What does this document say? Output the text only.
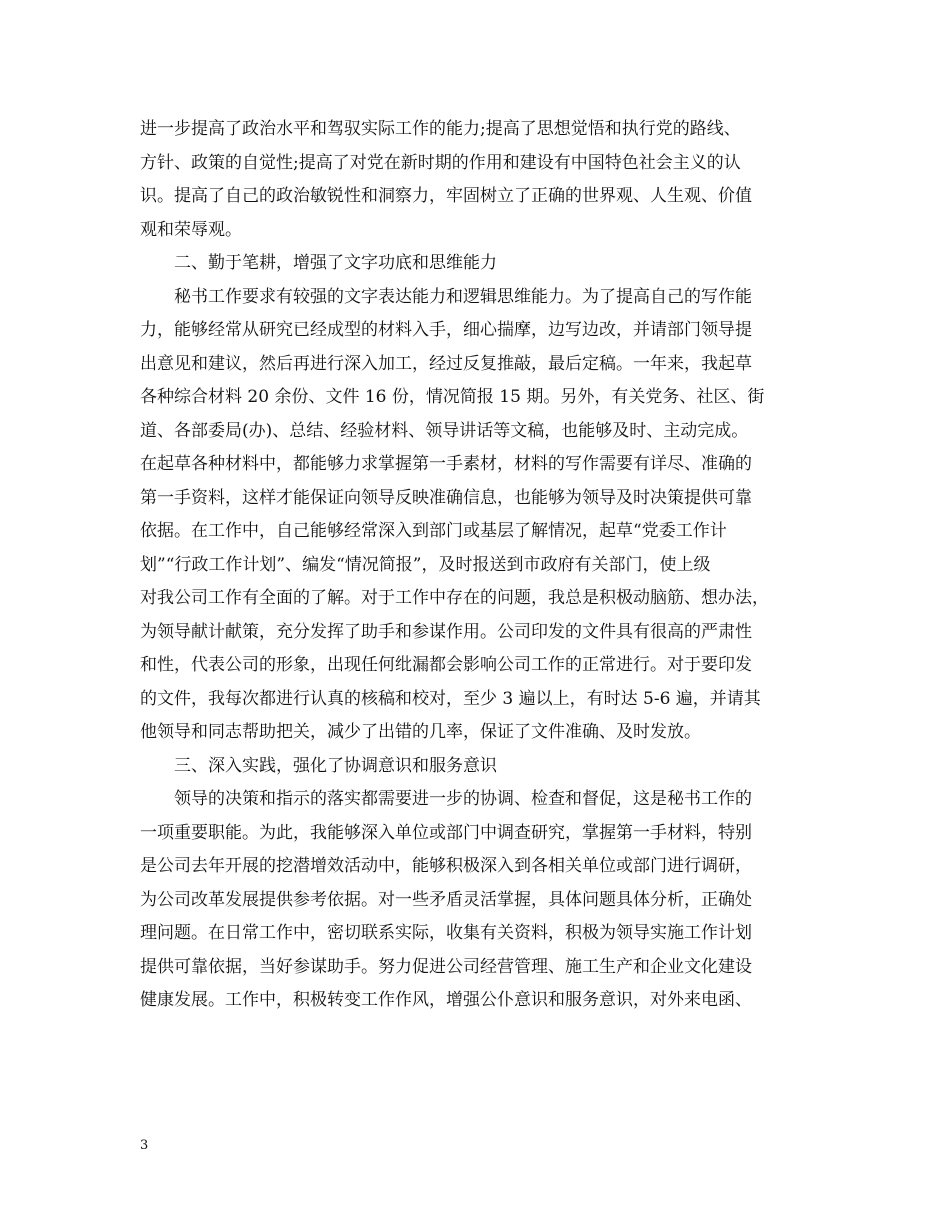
进一步提高了政治水平和驾驭实际工作的能力;提高了思想觉悟和执行党的路线、
方针、政策的自觉性;提高了对党在新时期的作用和建设有中国特色社会主义的认
识。提高了自己的政治敏锐性和洞察力，牢固树立了正确的世界观、人生观、价值
观和荣辱观。
二、勤于笔耕，增强了文字功底和思维能力
秘书工作要求有较强的文字表达能力和逻辑思维能力。为了提高自己的写作能
力，能够经常从研究已经成型的材料入手，细心揣摩，边写边改，并请部门领导提
出意见和建议，然后再进行深入加工，经过反复推敲，最后定稿。一年来，我起草
各种综合材料 20 余份、文件 16 份，情况简报 15 期。另外，有关党务、社区、街
道、各部委局(办)、总结、经验材料、领导讲话等文稿，也能够及时、主动完成。
在起草各种材料中，都能够力求掌握第一手素材，材料的写作需要有详尽、准确的
第一手资料，这样才能保证向领导反映准确信息，也能够为领导及时决策提供可靠
依据。在工作中，自己能够经常深入到部门或基层了解情况，起草“党委工作计
划”“行政工作计划”、编发“情况简报”，及时报送到市政府有关部门，使上级
对我公司工作有全面的了解。对于工作中存在的问题，我总是积极动脑筋、想办法，
为领导献计献策，充分发挥了助手和参谋作用。公司印发的文件具有很高的严肃性
和性，代表公司的形象，出现任何纰漏都会影响公司工作的正常进行。对于要印发
的文件，我每次都进行认真的核稿和校对，至少 3 遍以上，有时达 5-6 遍，并请其
他领导和同志帮助把关，减少了出错的几率，保证了文件准确、及时发放。
三、深入实践，强化了协调意识和服务意识
领导的决策和指示的落实都需要进一步的协调、检查和督促，这是秘书工作的
一项重要职能。为此，我能够深入单位或部门中调查研究，掌握第一手材料，特别
是公司去年开展的挖潜增效活动中，能够积极深入到各相关单位或部门进行调研，
为公司改革发展提供参考依据。对一些矛盾灵活掌握，具体问题具体分析，正确处
理问题。在日常工作中，密切联系实际，收集有关资料，积极为领导实施工作计划
提供可靠依据，当好参谋助手。努力促进公司经营管理、施工生产和企业文化建设
健康发展。工作中，积极转变工作作风，增强公仆意识和服务意识，对外来电函、
3
